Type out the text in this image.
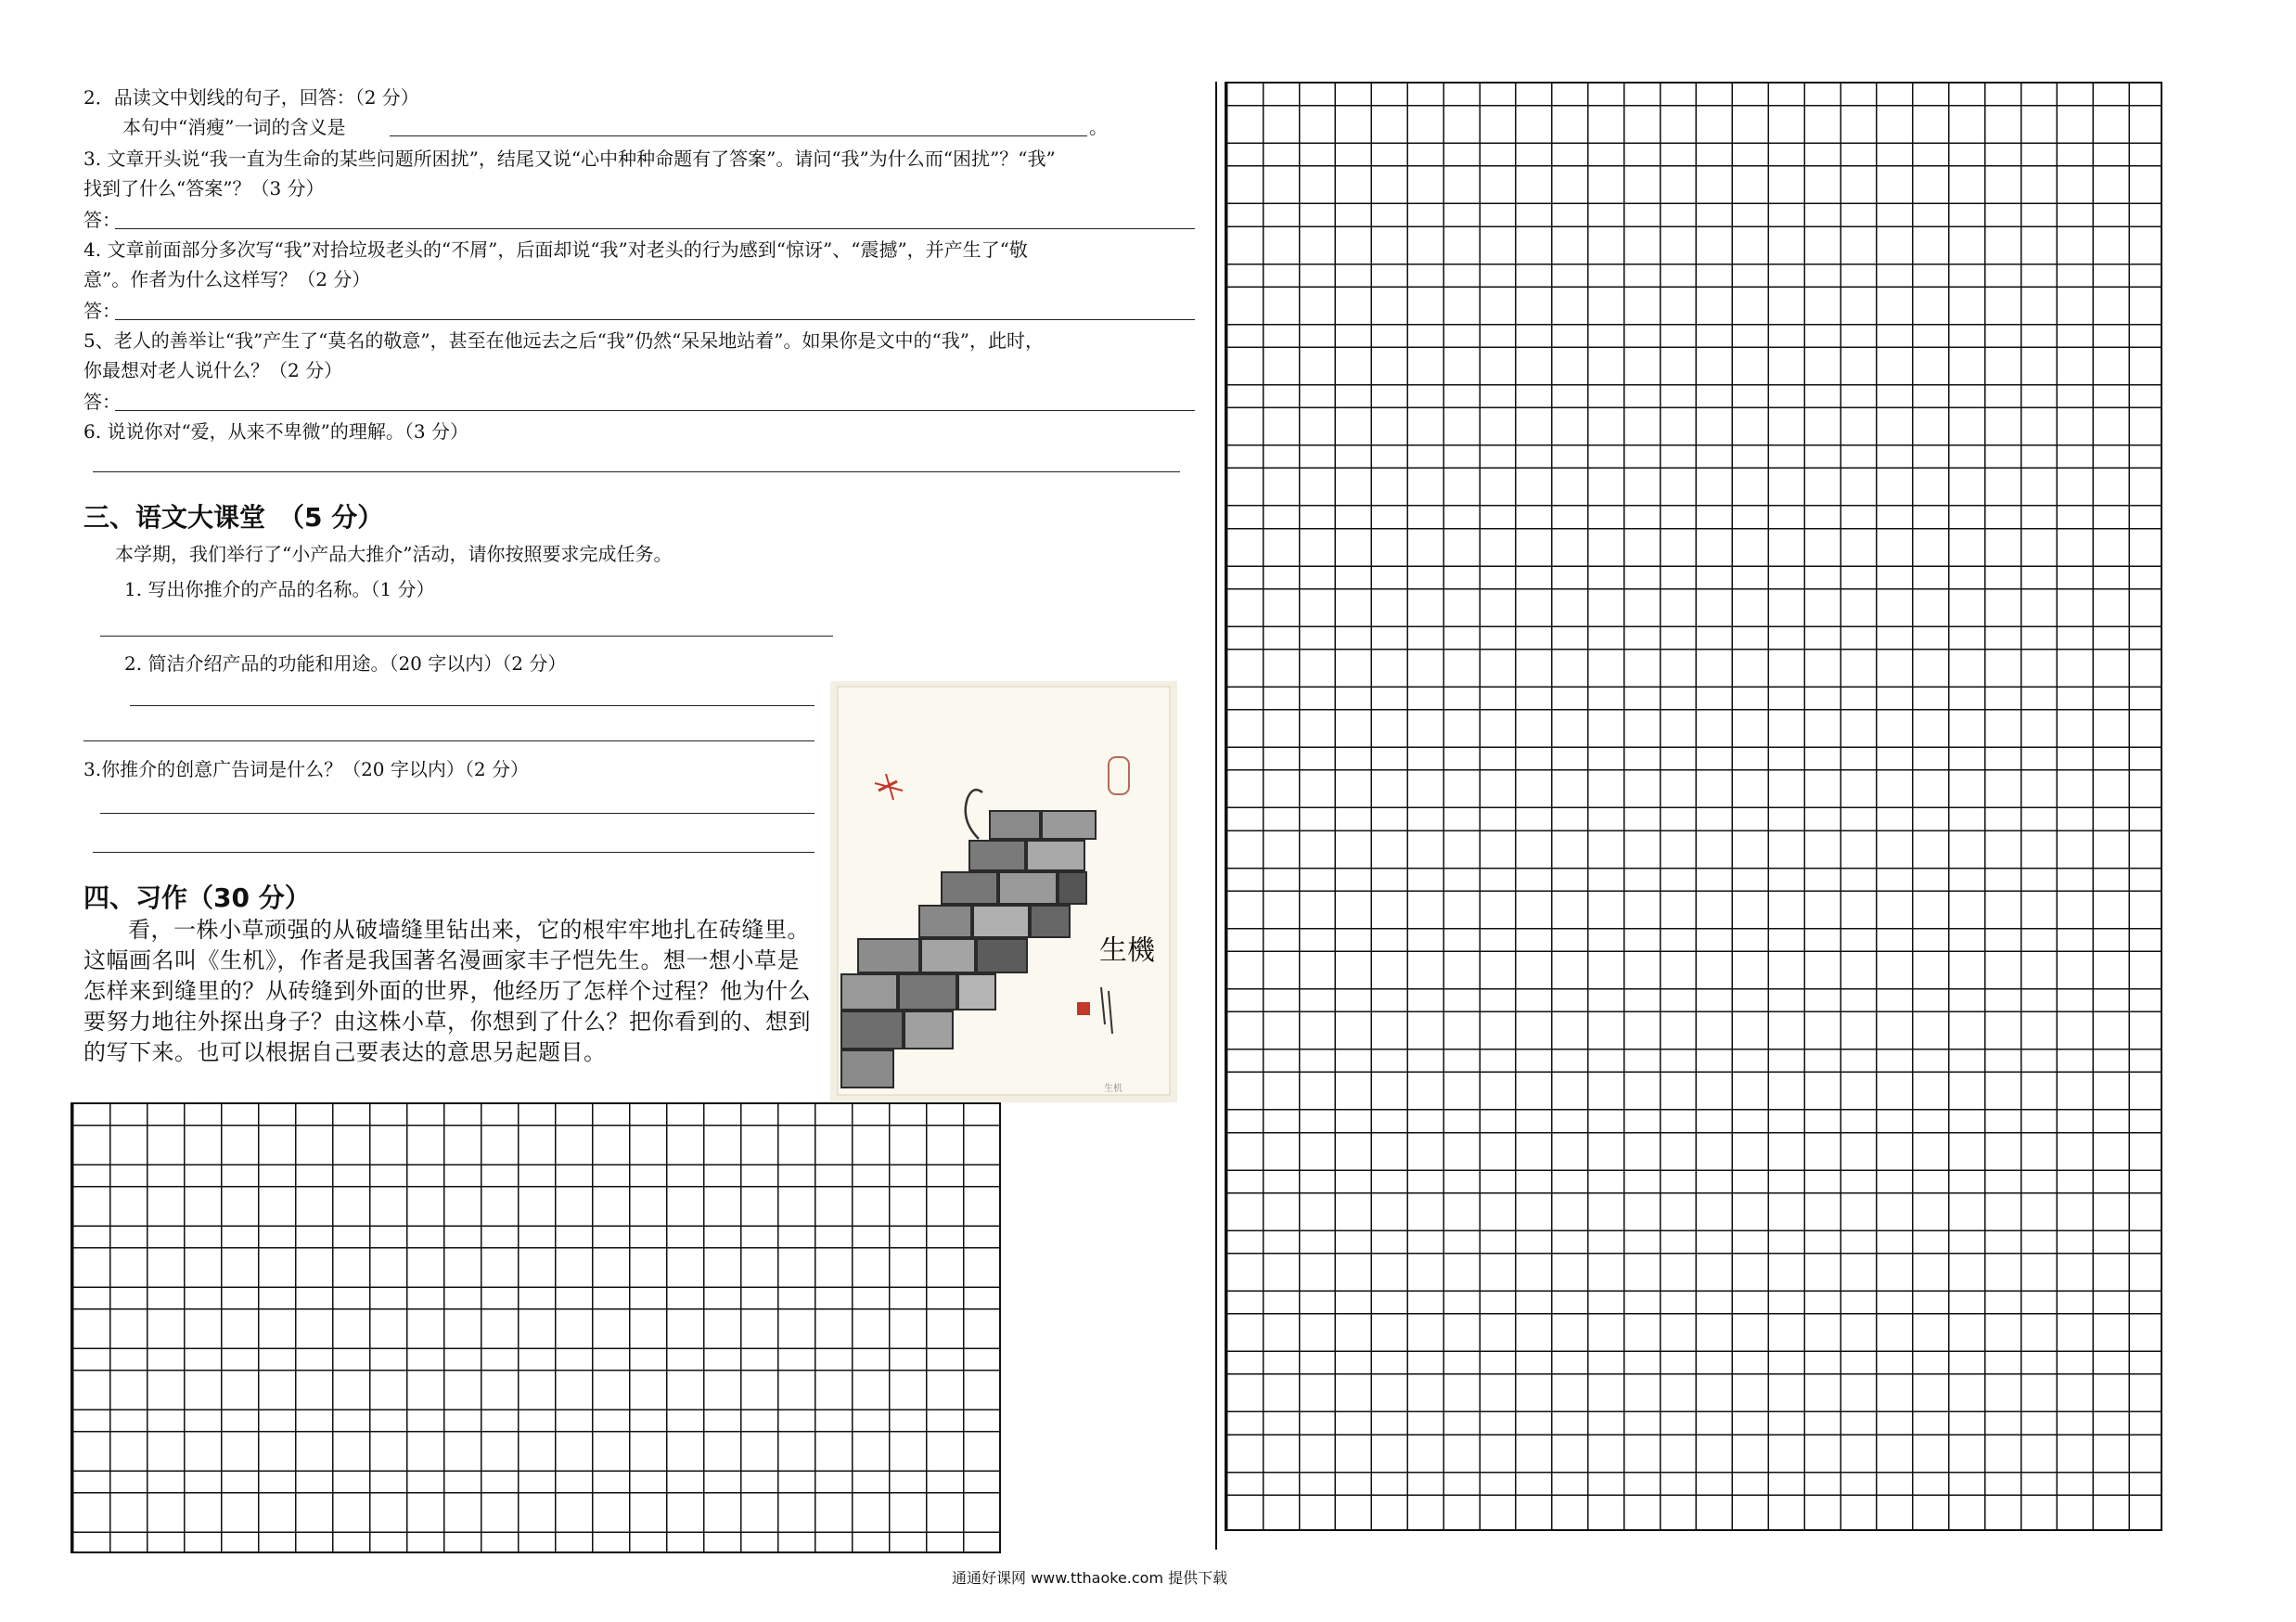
2．品读文中划线的句子，回答：（2 分）
本句中“消瘦”一词的含义是	。
3. 文章开头说“我一直为生命的某些问题所困扰”，结尾又说“心中种种命题有了答案”。请问“我”为什么而“困扰”？“我”
找到了什么“答案”？（3 分）
答：
4. 文章前面部分多次写“我”对拾垃圾老头的“不屑”，后面却说“我”对老头的行为感到“惊讶”、“震撼”，并产生了“敬
意”。作者为什么这样写？（2 分）
答：
5、老人的善举让“我”产生了“莫名的敬意”，甚至在他远去之后“我”仍然“呆呆地站着”。如果你是文中的“我”，此时，
你最想对老人说什么？（2 分）
答：
6. 说说你对“爱，从来不卑微”的理解。（3 分）
三、语文大课堂　（5 分）
本学期，我们举行了“小产品大推介”活动，请你按照要求完成任务。
1. 写出你推介的产品的名称。（1 分）
2. 简洁介绍产品的功能和用途。（20 字以内）（2 分）
3.你推介的创意广告词是什么？（20 字以内）（2 分）
四、习作（30 分）
看，一株小草顽强的从破墙缝里钻出来，它的根牢牢地扎在砖缝里。这幅画名叫《生机》，作者是我国著名漫画家丰子恺先生。想一想小草是怎样来到缝里的？从砖缝到外面的世界，他经历了怎样个过程？他为什么要努力地往外探出身子？由这株小草，你想到了什么？把你看到的、想到的写下来。也可以根据自己要表达的意思另起题目。
生機
生机
通通好课网 www.tthaoke.com 提供下载
